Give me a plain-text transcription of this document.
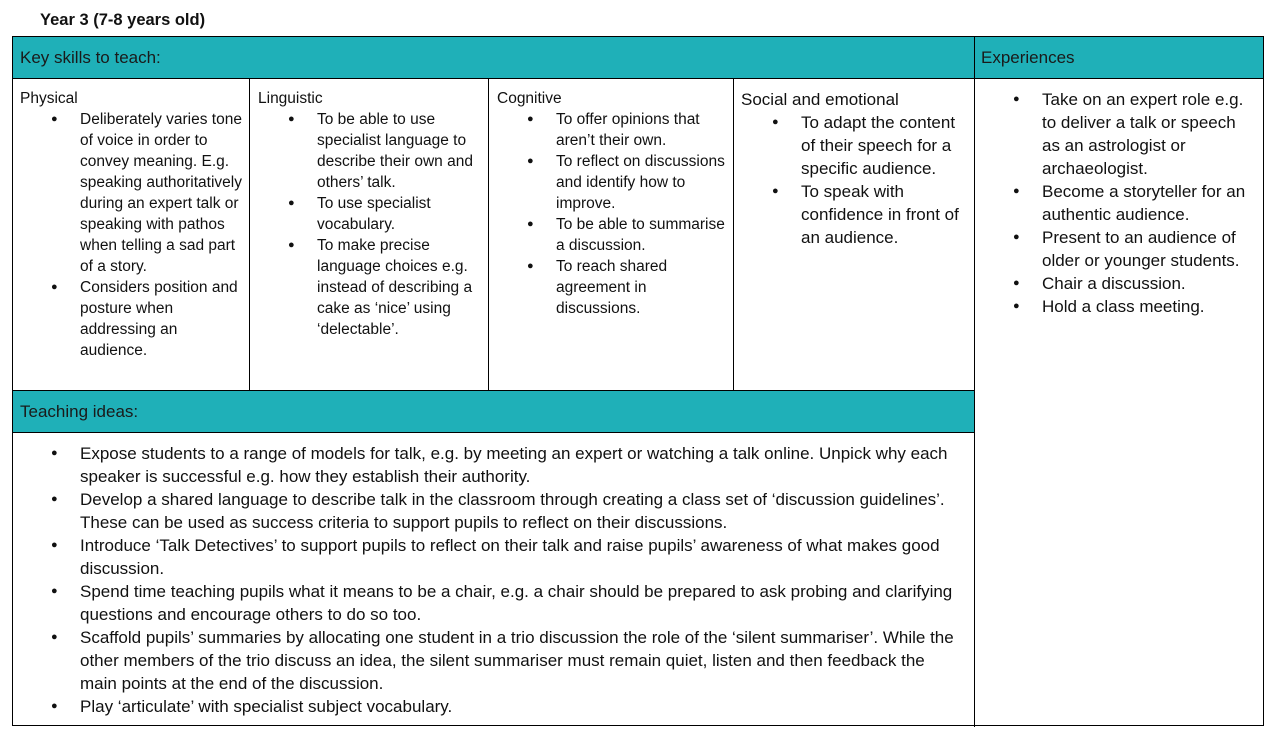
Year 3 (7-8 years old)
Key skills to teach:	Experiences
Teaching ideas:

Physical

● Deliberately varies tone of voice in order to convey meaning. E.g. speaking authoritatively during an expert talk or speaking with pathos when telling a sad part of a story.
● Considers position and posture when addressing an audience.

Linguistic

● To be able to use specialist language to describe their own and others’ talk.
● To use specialist vocabulary.
● To make precise language choices e.g. instead of describing a cake as ‘nice’ using ‘delectable’.

Cognitive

● To offer opinions that aren’t their own.
● To reflect on discussions and identify how to improve.
● To be able to summarise a discussion.
● To reach shared agreement in discussions.

Social and emotional

● To adapt the content of their speech for a specific audience.
● To speak with confidence in front of an audience.
● Take on an expert role e.g. to deliver a talk or speech as an astrologist or archaeologist.
● Become a storyteller for an authentic audience.
● Present to an audience of older or younger students.
● Chair a discussion.
● Hold a class meeting.
● Expose students to a range of models for talk, e.g. by meeting an expert or watching a talk online. Unpick why each speaker is successful e.g. how they establish their authority.
● Develop a shared language to describe talk in the classroom through creating a class set of ‘discussion guidelines’. These can be used as success criteria to support pupils to reflect on their discussions.
● Introduce ‘Talk Detectives’ to support pupils to reflect on their talk and raise pupils’ awareness of what makes good discussion.
● Spend time teaching pupils what it means to be a chair, e.g. a chair should be prepared to ask probing and clarifying questions and encourage others to do so too.
● Scaffold pupils’ summaries by allocating one student in a trio discussion the role of the ‘silent summariser’. While the other members of the trio discuss an idea, the silent summariser must remain quiet, listen and then feedback the main points at the end of the discussion.
● Play ‘articulate’ with specialist subject vocabulary.
